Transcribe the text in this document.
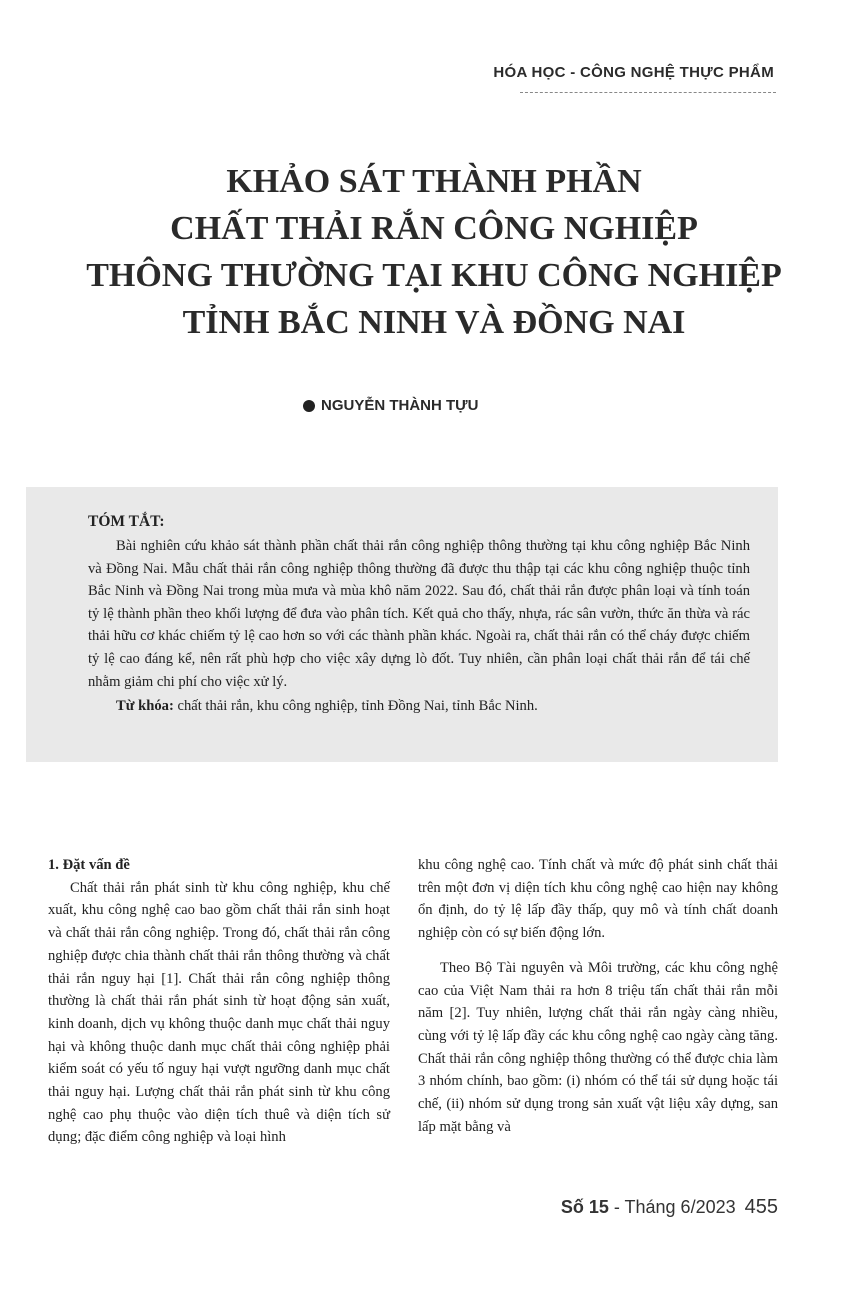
HÓA HỌC - CÔNG NGHỆ THỰC PHẨM
KHẢO SÁT THÀNH PHẦN
CHẤT THẢI RẮN CÔNG NGHIỆP
THÔNG THƯỜNG TẠI KHU CÔNG NGHIỆP
TỈNH BẮC NINH VÀ ĐỒNG NAI
NGUYỄN THÀNH TỰU
TÓM TẮT:

Bài nghiên cứu khảo sát thành phần chất thải rắn công nghiệp thông thường tại khu công nghiệp Bắc Ninh và Đồng Nai. Mẫu chất thải rắn công nghiệp thông thường đã được thu thập tại các khu công nghiệp thuộc tỉnh Bắc Ninh và Đồng Nai trong mùa mưa và mùa khô năm 2022. Sau đó, chất thải rắn được phân loại và tính toán tỷ lệ thành phần theo khối lượng để đưa vào phân tích. Kết quả cho thấy, nhựa, rác sân vườn, thức ăn thừa và rác thải hữu cơ khác chiếm tỷ lệ cao hơn so với các thành phần khác. Ngoài ra, chất thải rắn có thể cháy được chiếm tỷ lệ cao đáng kể, nên rất phù hợp cho việc xây dựng lò đốt. Tuy nhiên, cần phân loại chất thải rắn để tái chế nhằm giảm chi phí cho việc xử lý.

Từ khóa: chất thải rắn, khu công nghiệp, tỉnh Đồng Nai, tỉnh Bắc Ninh.

1. Đặt vấn đề

Chất thải rắn phát sinh từ khu công nghiệp, khu chế xuất, khu công nghệ cao bao gồm chất thải rắn sinh hoạt và chất thải rắn công nghiệp. Trong đó, chất thải rắn công nghiệp được chia thành chất thải rắn thông thường và chất thải rắn nguy hại [1]. Chất thải rắn công nghiệp thông thường là chất thải rắn phát sinh từ hoạt động sản xuất, kinh doanh, dịch vụ không thuộc danh mục chất thải nguy hại và không thuộc danh mục chất thải công nghiệp phải kiểm soát có yếu tố nguy hại vượt ngưỡng danh mục chất thải nguy hại. Lượng chất thải rắn phát sinh từ khu công nghệ cao phụ thuộc vào diện tích thuê và diện tích sử dụng; đặc điểm công nghiệp và loại hình

khu công nghệ cao. Tính chất và mức độ phát sinh chất thải trên một đơn vị diện tích khu công nghệ cao hiện nay không ổn định, do tỷ lệ lấp đầy thấp, quy mô và tính chất doanh nghiệp còn có sự biến động lớn.

Theo Bộ Tài nguyên và Môi trường, các khu công nghệ cao của Việt Nam thải ra hơn 8 triệu tấn chất thải rắn mỗi năm [2]. Tuy nhiên, lượng chất thải rắn ngày càng nhiều, cùng với tỷ lệ lấp đầy các khu công nghệ cao ngày càng tăng. Chất thải rắn công nghiệp thông thường có thể được chia làm 3 nhóm chính, bao gồm: (i) nhóm có thể tái sử dụng hoặc tái chế, (ii) nhóm sử dụng trong sản xuất vật liệu xây dựng, san lấp mặt bằng và

Số 15 - Tháng 6/2023 455
